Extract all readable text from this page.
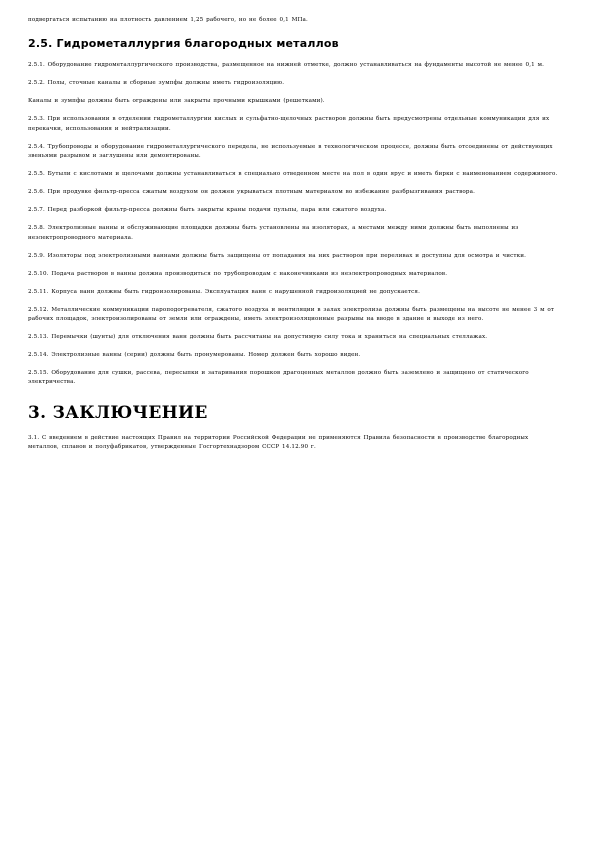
подвергаться испытанию на плотность давлением 1,25 рабочего, но не более 0,1 МПа.

2.5. Гидрометаллургия благородных металлов

2.5.1. Оборудование гидрометаллургического производства, размещенное на нижней отметке, должно устанавливаться на фундаменты высотой не менее 0,1 м.

2.5.2. Полы, сточные каналы и сборные зумпфы должны иметь гидроизоляцию.

Каналы и зумпфы должны быть ограждены или закрыты прочными крышками (решетками).

2.5.3. При использовании в отделении гидрометаллургии кислых и сульфатно-щелочных растворов должны быть предусмотрены отдельные коммуникации для их перекачки, использования и нейтрализации.

2.5.4. Трубопроводы и оборудование гидрометаллургического передела, не используемые в технологическом процессе, должны быть отсоединены от действующих звеньями разрывом и заглушены или демонтированы.

2.5.5. Бутыли с кислотами и щелочами должны устанавливаться в специально отведенном месте на пол в один ярус и иметь бирки с наименованием содержимого.

2.5.6. При продувке фильтр-пресса сжатым воздухом он должен укрываться плотным материалом во избежание разбрызгивания раствора.

2.5.7. Перед разборкой фильтр-пресса должны быть закрыты краны подачи пульпы, пара или сжатого воздуха.

2.5.8. Электролизные ванны и обслуживающие площадки должны быть установлены на изоляторах, а местами между ними должны быть выполнены из неэлектропроводного материала.

2.5.9. Изоляторы под электролизными ваннами должны быть защищены от попадания на них растворов при переливах и доступны для осмотра и чистки.

2.5.10. Подача растворов в ванны должна производиться по трубопроводам с наконечниками из неэлектропроводных материалов.

2.5.11. Корпуса ванн должны быть гидроизолированы. Эксплуатация ванн с нарушенной гидроизоляцией не допускается.

2.5.12. Металлические коммуникации пароподогревателя, сжатого воздуха и вентиляции в залах электролиза должны быть размещены на высоте не менее 3 м от рабочих площадок, электроизолированы от земли или ограждены, иметь электроизоляционные разрывы на вводе в здание и выходе из него.

2.5.13. Перемычки (шунты) для отключения ванн должны быть рассчитаны на допустимую силу тока и храниться на специальных стеллажах.

2.5.14. Электролизные ванны (серии) должны быть пронумерованы. Номер должен быть хорошо виден.

2.5.15. Оборудование для сушки, рассева, пересыпки и затаривания порошков драгоценных металлов должно быть заземлено и защищено от статического электричества.

3. ЗАКЛЮЧЕНИЕ

3.1. С введением в действие настоящих Правил на территории Российской Федерации не применяются Правила безопасности в производстве благородных металлов, сплавов и полуфабрикатов, утвержденные Госгортехнадзором СССР 14.12.90 г.
